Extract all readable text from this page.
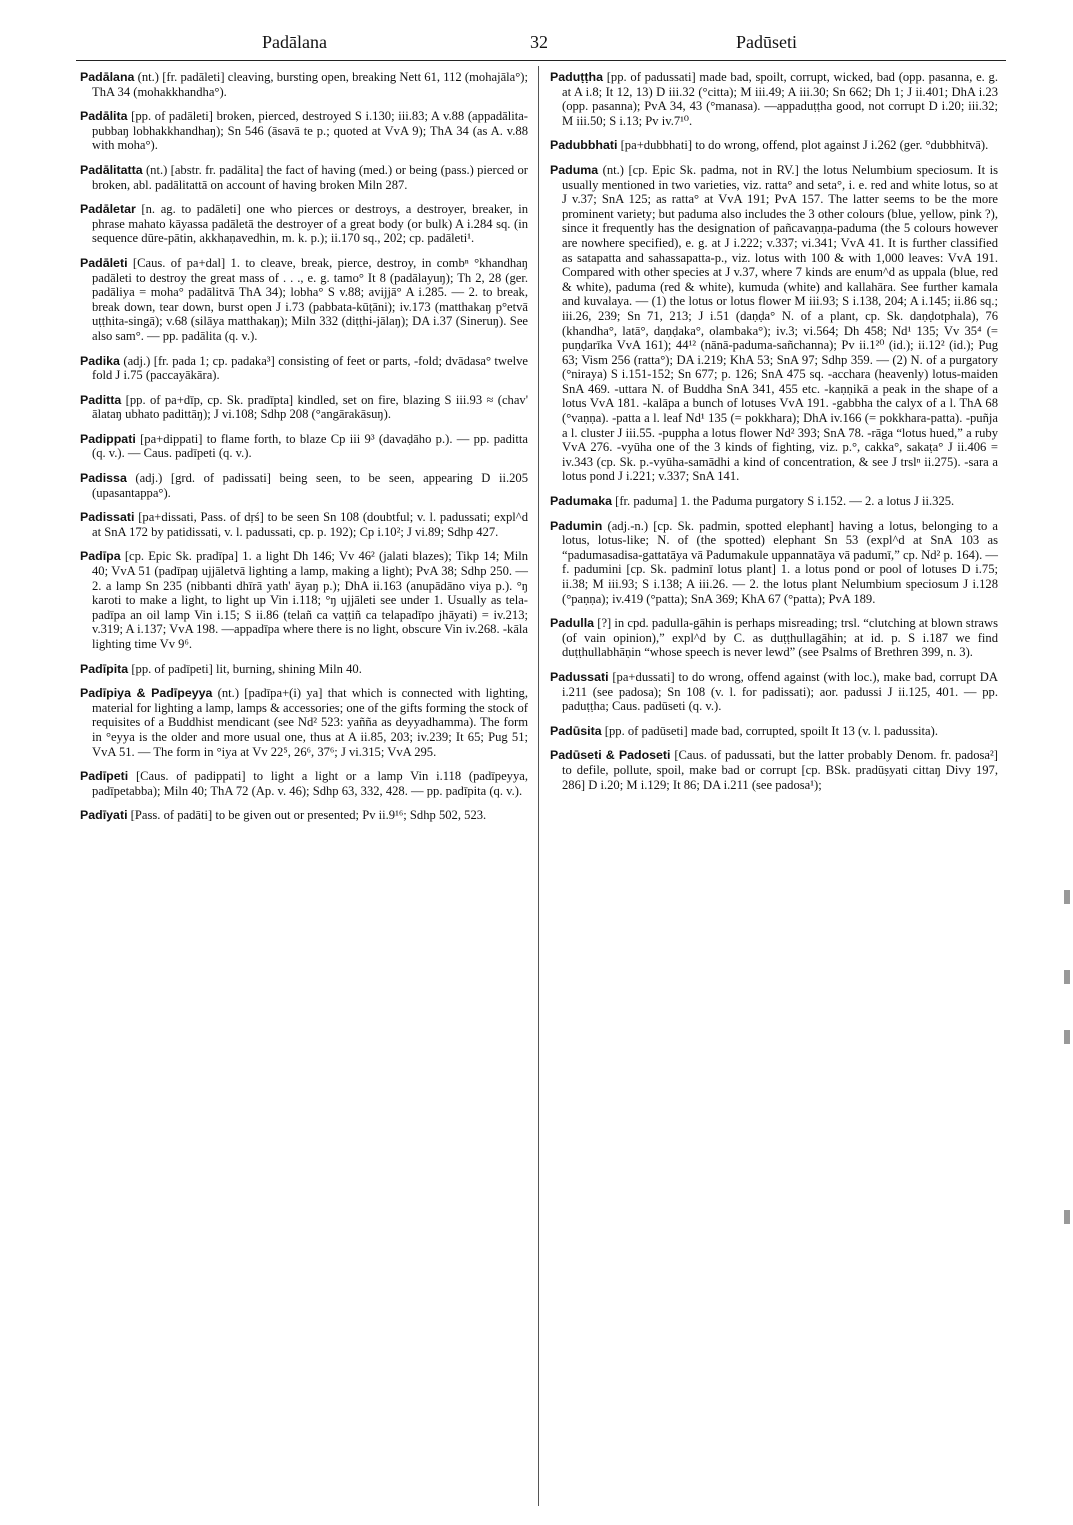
Padālana	32	Padūseti

Padālana (nt.) [fr. padāleti] cleaving, bursting open, breaking Nett 61, 112 (mohajāla°); ThA 34 (mohakkhandha°).

Padālita [pp. of padāleti] broken, pierced, destroyed S i.130; iii.83; A v.88 (appadālita-pubbaŋ lobhakkhandhaŋ); Sn 546 (āsavā te p.; quoted at VvA 9); ThA 34 (as A. v.88 with moha°).

Padālitatta (nt.) [abstr. fr. padālita] the fact of having (med.) or being (pass.) pierced or broken, abl. padālitattā on account of having broken Miln 287.

Padāletar [n. ag. to padāleti] one who pierces or destroys, a destroyer, breaker, in phrase mahato kāyassa padāletā the destroyer of a great body (or bulk) A i.284 sq. (in sequence dūre-pātin, akkhaṇavedhin, m. k. p.); ii.170 sq., 202; cp. padāleti¹.

Padāleti [Caus. of pa+dal] 1. to cleave, break, pierce, destroy, in combⁿ °khandhaŋ padāleti to destroy the great mass of . . ., e. g. tamo° It 8 (padālayuŋ); Th 2, 28 (ger. padāliya = moha° padālitvā ThA 34); lobha° S v.88; avijjā° A i.285. — 2. to break, break down, tear down, burst open J i.73 (pabbata-kūṭāni); iv.173 (matthakaŋ p°etvā uṭṭhita-singā); v.68 (silāya matthakaŋ); Miln 332 (diṭṭhi-jālaŋ); DA i.37 (Sineruŋ). See also sam°. — pp. padālita (q. v.).

Padika (adj.) [fr. pada 1; cp. padaka³] consisting of feet or parts, -fold; dvādasa° twelve fold J i.75 (paccayākāra).

Paditta [pp. of pa+dīp, cp. Sk. pradīpta] kindled, set on fire, blazing S iii.93 ≈ (chav' ālataŋ ubhato padittāŋ); J vi.108; Sdhp 208 (°angārakāsuŋ).

Padippati [pa+dippati] to flame forth, to blaze Cp iii 9³ (davaḍāho p.). — pp. paditta (q. v.). — Caus. padīpeti (q. v.).

Padissa (adj.) [grd. of padissati] being seen, to be seen, appearing D ii.205 (upasantappa°).

Padissati [pa+dissati, Pass. of dṛś] to be seen Sn 108 (doubtful; v. l. padussati; expl^d at SnA 172 by patidissati, v. l. padussati, cp. p. 192); Cp i.10²; J vi.89; Sdhp 427.

Padīpa [cp. Epic Sk. pradīpa] 1. a light Dh 146; Vv 46² (jalati blazes); Tikp 14; Miln 40; VvA 51 (padīpaŋ ujjāletvā lighting a lamp, making a light); PvA 38; Sdhp 250. — 2. a lamp Sn 235 (nibbanti dhīrā yath' āyaŋ p.); DhA ii.163 (anupādāno viya p.). °ŋ karoti to make a light, to light up Vin i.118; °ŋ ujjāleti see under 1. Usually as tela-padīpa an oil lamp Vin i.15; S ii.86 (telañ ca vaṭṭiñ ca telapadīpo jhāyati) = iv.213; v.319; A i.137; VvA 198. —appadīpa where there is no light, obscure Vin iv.268. -kāla lighting time Vv 9⁶.

Padīpita [pp. of padīpeti] lit, burning, shining Miln 40.

Padīpiya & Padīpeyya (nt.) [padīpa+(i) ya] that which is connected with lighting, material for lighting a lamp, lamps & accessories; one of the gifts forming the stock of requisites of a Buddhist mendicant (see Nd² 523: yañña as deyyadhamma). The form in °eyya is the older and more usual one, thus at A ii.85, 203; iv.239; It 65; Pug 51; VvA 51. — The form in °iya at Vv 22⁵, 26⁶, 37⁶; J vi.315; VvA 295.

Padīpeti [Caus. of padippati] to light a light or a lamp Vin i.118 (padīpeyya, padīpetabba); Miln 40; ThA 72 (Ap. v. 46); Sdhp 63, 332, 428. — pp. padīpita (q. v.).

Padīyati [Pass. of padāti] to be given out or presented; Pv ii.9¹⁶; Sdhp 502, 523.

Paduṭṭha [pp. of padussati] made bad, spoilt, corrupt, wicked, bad (opp. pasanna, e. g. at A i.8; It 12, 13) D iii.32 (°citta); M iii.49; A iii.30; Sn 662; Dh 1; J ii.401; DhA i.23 (opp. pasanna); PvA 34, 43 (°manasa). —appaduṭṭha good, not corrupt D i.20; iii.32; M iii.50; S i.13; Pv iv.7¹⁰.

Padubbhati [pa+dubbhati] to do wrong, offend, plot against J i.262 (ger. °dubbhitvā).

Paduma (nt.) [cp. Epic Sk. padma, not in RV.] the lotus Nelumbium speciosum. It is usually mentioned in two varieties, viz. ratta° and seta°, i. e. red and white lotus, so at J v.37; SnA 125; as ratta° at VvA 191; PvA 157. The latter seems to be the more prominent variety; but paduma also includes the 3 other colours (blue, yellow, pink ?), since it frequently has the designation of pañcavaṇṇa-paduma (the 5 colours however are nowhere specified), e. g. at J i.222; v.337; vi.341; VvA 41. It is further classified as satapatta and sahassapatta-p., viz. lotus with 100 & with 1,000 leaves: VvA 191. Compared with other species at J v.37, where 7 kinds are enum^d as uppala (blue, red & white), paduma (red & white), kumuda (white) and kallahāra. See further kamala and kuvalaya. — (1) the lotus or lotus flower M iii.93; S i.138, 204; A i.145; ii.86 sq.; iii.26, 239; Sn 71, 213; J i.51 (daṇḍa° N. of a plant, cp. Sk. daṇḍotphala), 76 (khandha°, latā°, daṇḍaka°, olambaka°); iv.3; vi.564; Dh 458; Nd¹ 135; Vv 35⁴ (= puṇḍarīka VvA 161); 44¹² (nānā-paduma-sañchanna); Pv ii.1²⁰ (id.); ii.12² (id.); Pug 63; Vism 256 (ratta°); DA i.219; KhA 53; SnA 97; Sdhp 359. — (2) N. of a purgatory (°niraya) S i.151-152; Sn 677; p. 126; SnA 475 sq. -acchara (heavenly) lotus-maiden SnA 469. -uttara N. of Buddha SnA 341, 455 etc. -kaṇṇikā a peak in the shape of a lotus VvA 181. -kalāpa a bunch of lotuses VvA 191. -gabbha the calyx of a l. ThA 68 (°vaṇṇa). -patta a l. leaf Nd¹ 135 (= pokkhara); DhA iv.166 (= pokkhara-patta). -puñja a l. cluster J iii.55. -puppha a lotus flower Nd² 393; SnA 78. -rāga “lotus hued,” a ruby VvA 276. -vyūha one of the 3 kinds of fighting, viz. p.°, cakka°, sakaṭa° J ii.406 = iv.343 (cp. Sk. p.-vyūha-samādhi a kind of concentration, & see J trslⁿ ii.275). -sara a lotus pond J i.221; v.337; SnA 141.

Padumaka [fr. paduma] 1. the Paduma purgatory S i.152. — 2. a lotus J ii.325.

Padumin (adj.-n.) [cp. Sk. padmin, spotted elephant] having a lotus, belonging to a lotus, lotus-like; N. of (the spotted) elephant Sn 53 (expl^d at SnA 103 as “padumasadisa-gattatāya vā Padumakule uppannatāya vā padumī,” cp. Nd² p. 164). — f. padumini [cp. Sk. padminī lotus plant] 1. a lotus pond or pool of lotuses D i.75; ii.38; M iii.93; S i.138; A iii.26. — 2. the lotus plant Nelumbium speciosum J i.128 (°paṇṇa); iv.419 (°patta); SnA 369; KhA 67 (°patta); PvA 189.

Padulla [?] in cpd. padulla-gāhin is perhaps misreading; trsl. “clutching at blown straws (of vain opinion),” expl^d by C. as duṭṭhullagāhin; at id. p. S i.187 we find duṭṭhullabhāṇin “whose speech is never lewd” (see Psalms of Brethren 399, n. 3).

Padussati [pa+dussati] to do wrong, offend against (with loc.), make bad, corrupt DA i.211 (see padosa); Sn 108 (v. l. for padissati); aor. padussi J ii.125, 401. — pp. paduṭṭha; Caus. padūseti (q. v.).

Padūsita [pp. of padūseti] made bad, corrupted, spoilt It 13 (v. l. padussita).

Padūseti & Padoseti [Caus. of padussati, but the latter probably Denom. fr. padosa²] to defile, pollute, spoil, make bad or corrupt [cp. BSk. pradūṣyati cittaŋ Divy 197, 286] D i.20; M i.129; It 86; DA i.211 (see padosa¹);
